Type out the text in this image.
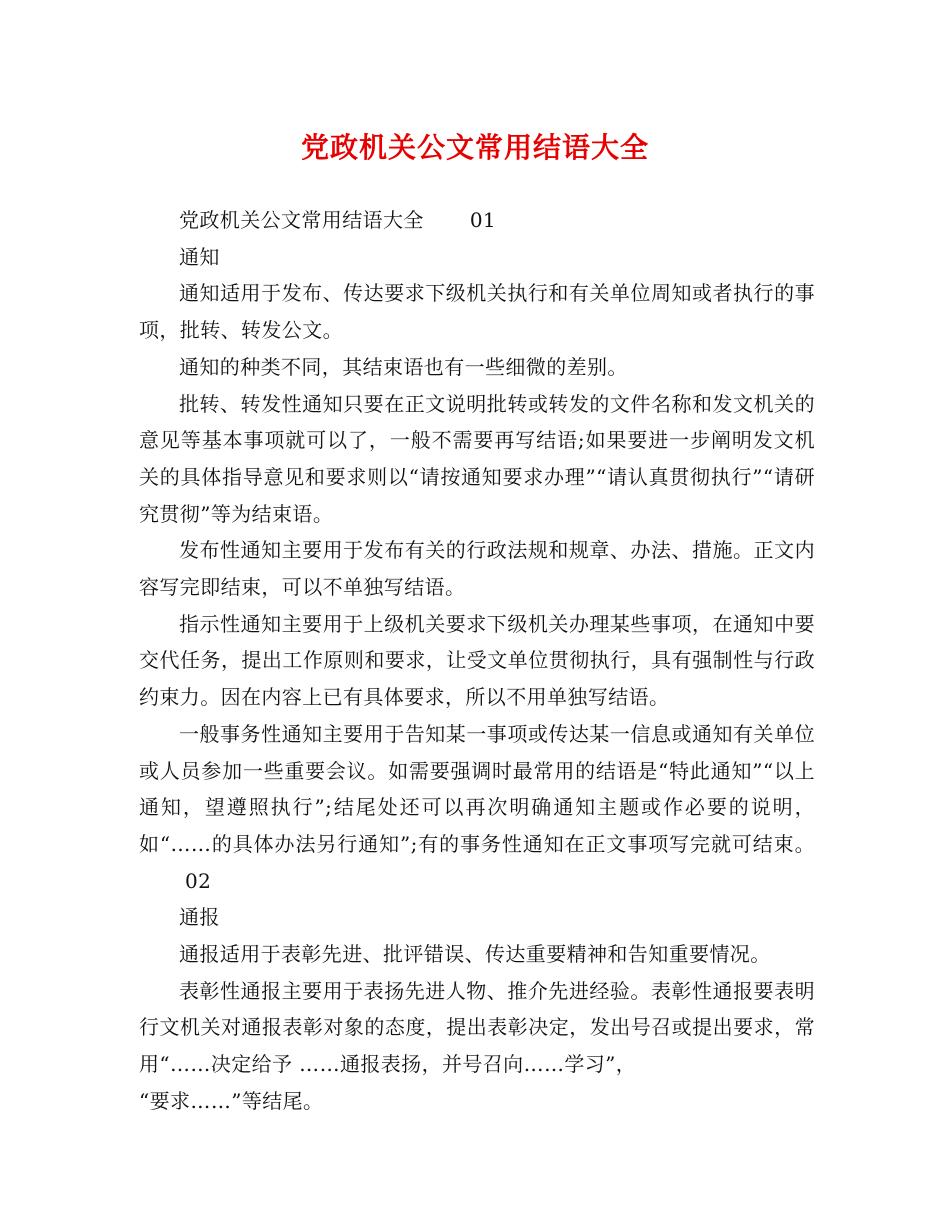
党政机关公文常用结语大全

党政机关公文常用结语大全 01

通知

通知适用于发布、传达要求下级机关执行和有关单位周知或者执行的事项，批转、转发公文。

通知的种类不同，其结束语也有一些细微的差别。

批转、转发性通知只要在正文说明批转或转发的文件名称和发文机关的意见等基本事项就可以了，一般不需要再写结语;如果要进一步阐明发文机关的具体指导意见和要求则以“请按通知要求办理”“请认真贯彻执行”“请研究贯彻”等为结束语。

发布性通知主要用于发布有关的行政法规和规章、办法、措施。正文内容写完即结束，可以不单独写结语。

指示性通知主要用于上级机关要求下级机关办理某些事项，在通知中要交代任务，提出工作原则和要求，让受文单位贯彻执行，具有强制性与行政约束力。因在内容上已有具体要求，所以不用单独写结语。

一般事务性通知主要用于告知某一事项或传达某一信息或通知有关单位或人员参加一些重要会议。如需要强调时最常用的结语是“特此通知”“以上通知，望遵照执行”;结尾处还可以再次明确通知主题或作必要的说明，如“……的具体办法另行通知”;有的事务性通知在正文事项写完就可结束。02

通报

通报适用于表彰先进、批评错误、传达重要精神和告知重要情况。

表彰性通报主要用于表扬先进人物、推介先进经验。表彰性通报要表明行文机关对通报表彰对象的态度，提出表彰决定，发出号召或提出要求，常用“……决定给予 ……通报表扬，并号召向……学习”，

“要求……”等结尾。
